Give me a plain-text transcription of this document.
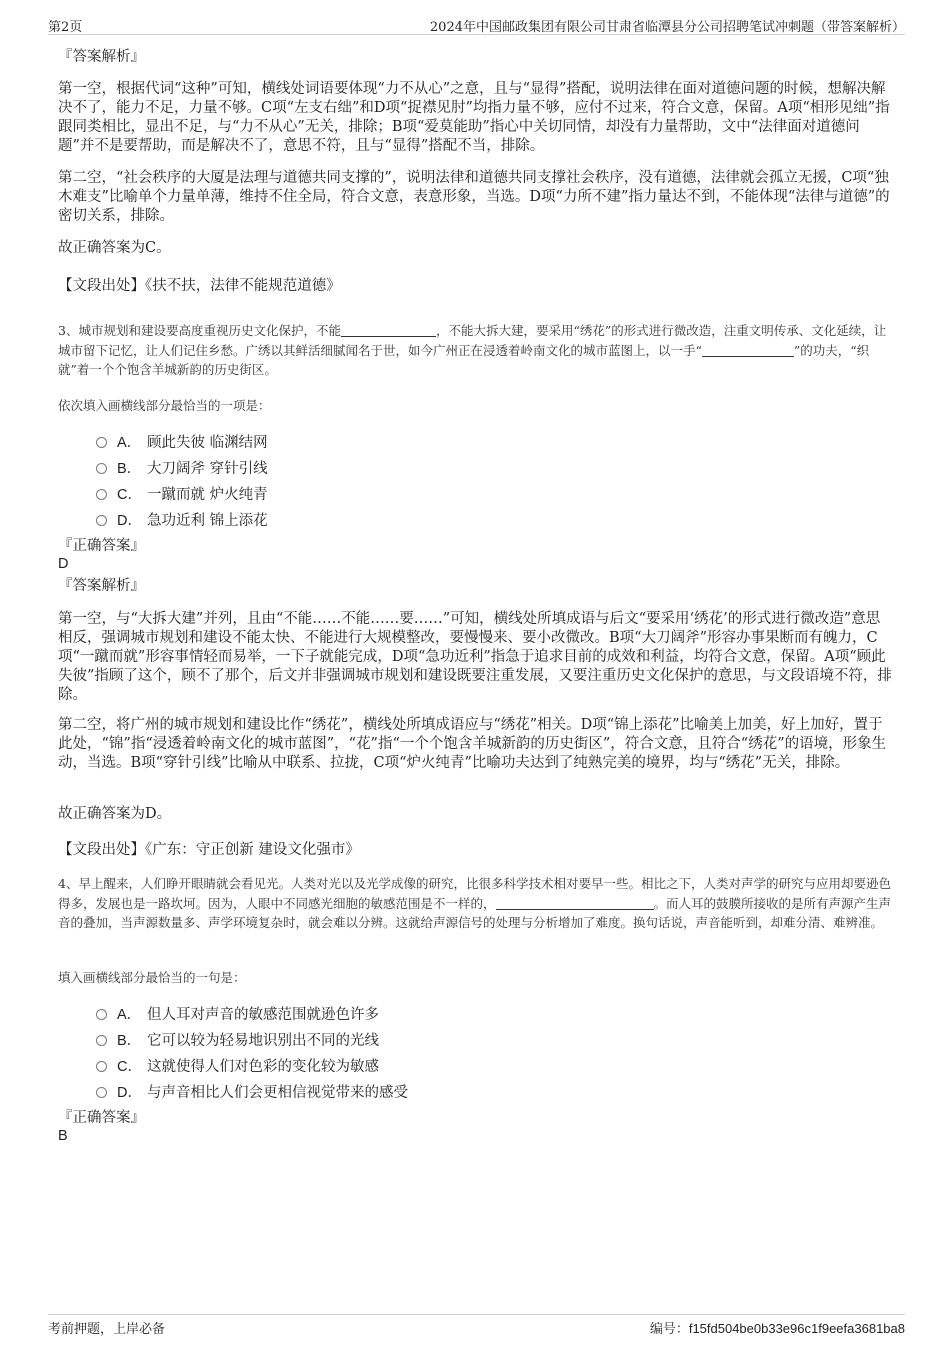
第2页	2024年中国邮政集团有限公司甘肃省临潭县分公司招聘笔试冲刺题（带答案解析）
『答案解析』

第一空，根据代词“这种”可知，横线处词语要体现“力不从心”之意，且与“显得”搭配，说明法律在面对道德问题的时候，想解决解决不了，能力不足，力量不够。C项“左支右绌”和D项“捉襟见肘”均指力量不够，应付不过来，符合文意，保留。A项“相形见绌”指跟同类相比，显出不足，与“力不从心”无关，排除；B项“爱莫能助”指心中关切同情，却没有力量帮助，文中“法律面对道德问题”并不是要帮助，而是解决不了，意思不符，且与“显得”搭配不当，排除。

第二空，“社会秩序的大厦是法理与道德共同支撑的”，说明法律和道德共同支撑社会秩序，没有道德，法律就会孤立无援，C项“独木难支”比喻单个力量单薄，维持不住全局，符合文意，表意形象，当选。D项“力所不建”指力量达不到，不能体现“法律与道德”的密切关系，排除。

故正确答案为C。
【文段出处】《扶不扶，法律不能规范道德》

3、城市规划和建设要高度重视历史文化保护，不能	，不能大拆大建，要采用“绣花”的形式进行微改造，注重文明传承、文化延续，让城市留下记忆，让人们记住乡愁。广绣以其鲜活细腻闻名于世，如今广州正在浸透着岭南文化的城市蓝图上，以一手“	”的功夫，“织就”着一个个饱含羊城新韵的历史街区。

依次填入画横线部分最恰当的一项是：
A． 顾此失彼 临渊结网
B． 大刀阔斧 穿针引线
C． 一蹴而就 炉火纯青
D． 急功近利 锦上添花
『正确答案』
D
『答案解析』

第一空，与“大拆大建”并列，且由“不能……不能……要……”可知，横线处所填成语与后文“要采用‘绣花’的形式进行微改造”意思相反，强调城市规划和建设不能太快、不能进行大规模整改，要慢慢来、要小改微改。B项“大刀阔斧”形容办事果断而有魄力，C项“一蹴而就”形容事情轻而易举，一下子就能完成，D项“急功近利”指急于追求目前的成效和利益，均符合文意，保留。A项“顾此失彼”指顾了这个，顾不了那个，后文并非强调城市规划和建设既要注重发展，又要注重历史文化保护的意思，与文段语境不符，排除。

第二空，将广州的城市规划和建设比作“绣花”，横线处所填成语应与“绣花”相关。D项“锦上添花”比喻美上加美，好上加好，置于此处，“锦”指“浸透着岭南文化的城市蓝图”，“花”指“一个个饱含羊城新韵的历史街区”，符合文意，且符合“绣花”的语境，形象生动，当选。B项“穿针引线”比喻从中联系、拉拢，C项“炉火纯青”比喻功夫达到了纯熟完美的境界，均与“绣花”无关，排除。

故正确答案为D。
【文段出处】《广东：守正创新 建设文化强市》

4、早上醒来，人们睁开眼睛就会看见光。人类对光以及光学成像的研究，比很多科学技术相对要早一些。相比之下，人类对声学的研究与应用却要逊色得多，发展也是一路坎坷。因为，人眼中不同感光细胞的敏感范围是不一样的，	。而人耳的鼓膜所接收的是所有声源产生声音的叠加，当声源数量多、声学环境复杂时，就会难以分辨。这就给声源信号的处理与分析增加了难度。换句话说，声音能听到，却难分清、难辨准。

填入画横线部分最恰当的一句是：
A． 但人耳对声音的敏感范围就逊色许多
B． 它可以较为轻易地识别出不同的光线
C． 这就使得人们对色彩的变化较为敏感
D． 与声音相比人们会更相信视觉带来的感受
『正确答案』
B
考前押题，上岸必备	编号：f15fd504be0b33e96c1f9eefa3681ba8
